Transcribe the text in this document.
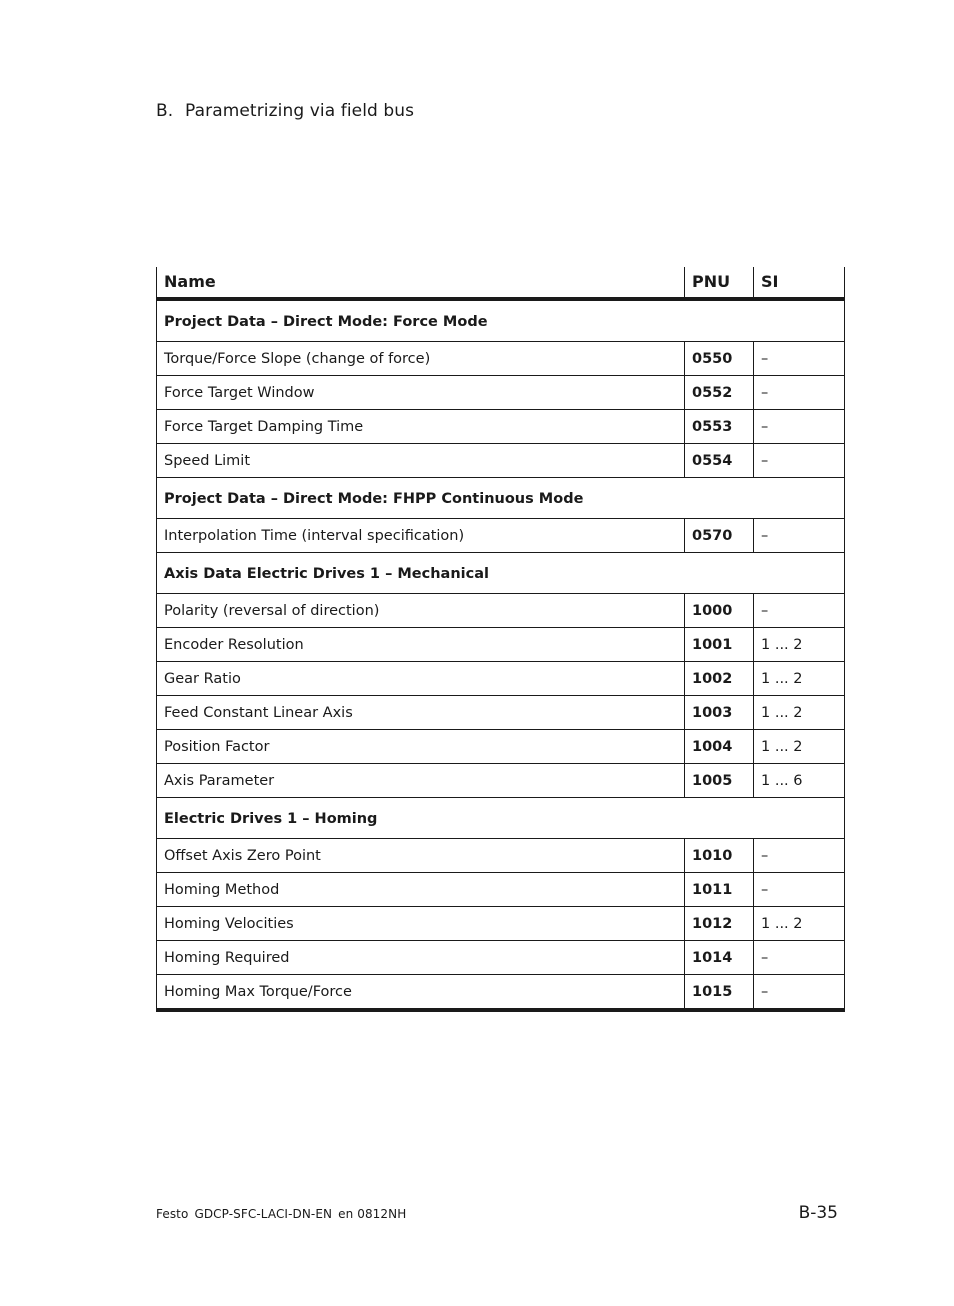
B. Parametrizing via field bus
Name	PNU	SI
Project Data – Direct Mode: Force Mode		
Torque/Force Slope (change of force)	0550	–
Force Target Window	0552	–
Force Target Damping Time	0553	–
Speed Limit	0554	–
Project Data – Direct Mode: FHPP Continuous Mode		
Interpolation Time (interval specification)	0570	–
Axis Data Electric Drives 1 – Mechanical		
Polarity (reversal of direction)	1000	–
Encoder Resolution	1001	1 ... 2
Gear Ratio	1002	1 ... 2
Feed Constant Linear Axis	1003	1 ... 2
Position Factor	1004	1 ... 2
Axis Parameter	1005	1 ... 6
Electric Drives 1 – Homing		
Offset Axis Zero Point	1010	–
Homing Method	1011	–
Homing Velocities	1012	1 ... 2
Homing Required	1014	–
Homing Max Torque/Force	1015	–
Festo GDCP-SFC-LACI-DN-EN en 0812NH	B-35
